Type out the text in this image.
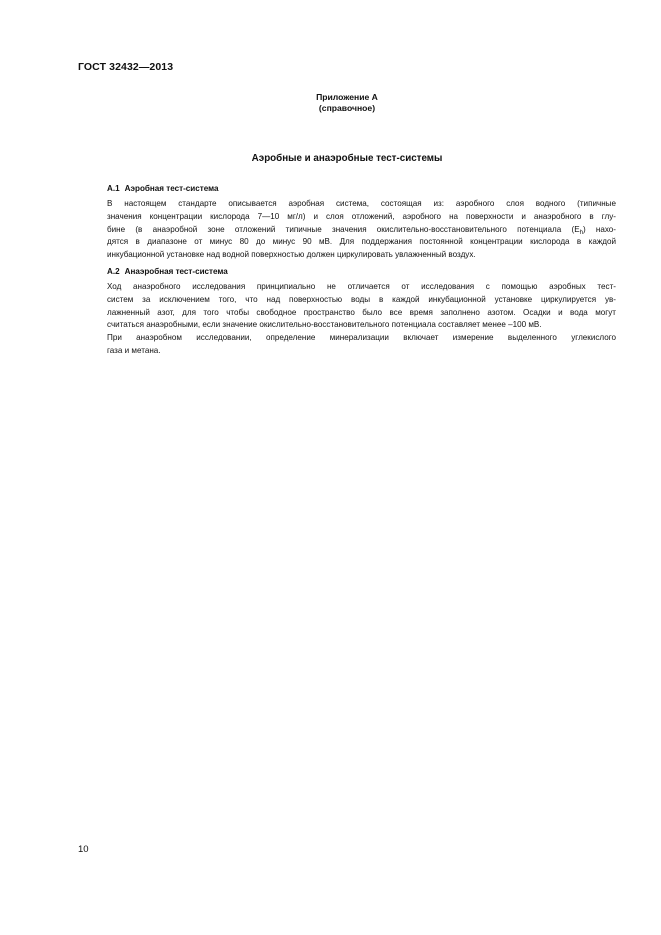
ГОСТ 32432—2013
Приложение А
(справочное)
Аэробные и анаэробные тест-системы
А.1 Аэробная тест-система

В настоящем стандарте описывается аэробная система, состоящая из: аэробного слоя водного (типичные
значения концентрации кислорода 7—10 мг/л) и слоя отложений, аэробного на поверхности и анаэробного в глу-
бине (в анаэробной зоне отложений типичные значения окислительно-восстановительного потенциала $(E_h)$ нахо-
дятся в диапазоне от минус 80 до минус 90 мВ. Для поддержания постоянной концентрации кислорода в каждой
инкубационной установке над водной поверхностью должен циркулировать увлажненный воздух.

А.2 Анаэробная тест-система

Ход анаэробного исследования принципиально не отличается от исследования с помощью аэробных тест-
систем за исключением того, что над поверхностью воды в каждой инкубационной установке циркулируется ув-
лажненный азот, для того чтобы свободное пространство было все время заполнено азотом. Осадки и вода могут
считаться анаэробными, если значение окислительно-восстановительного потенциала составляет менее –100 мВ.

При анаэробном исследовании, определение минерализации включает измерение выделенного углекислого
газа и метана.

10
